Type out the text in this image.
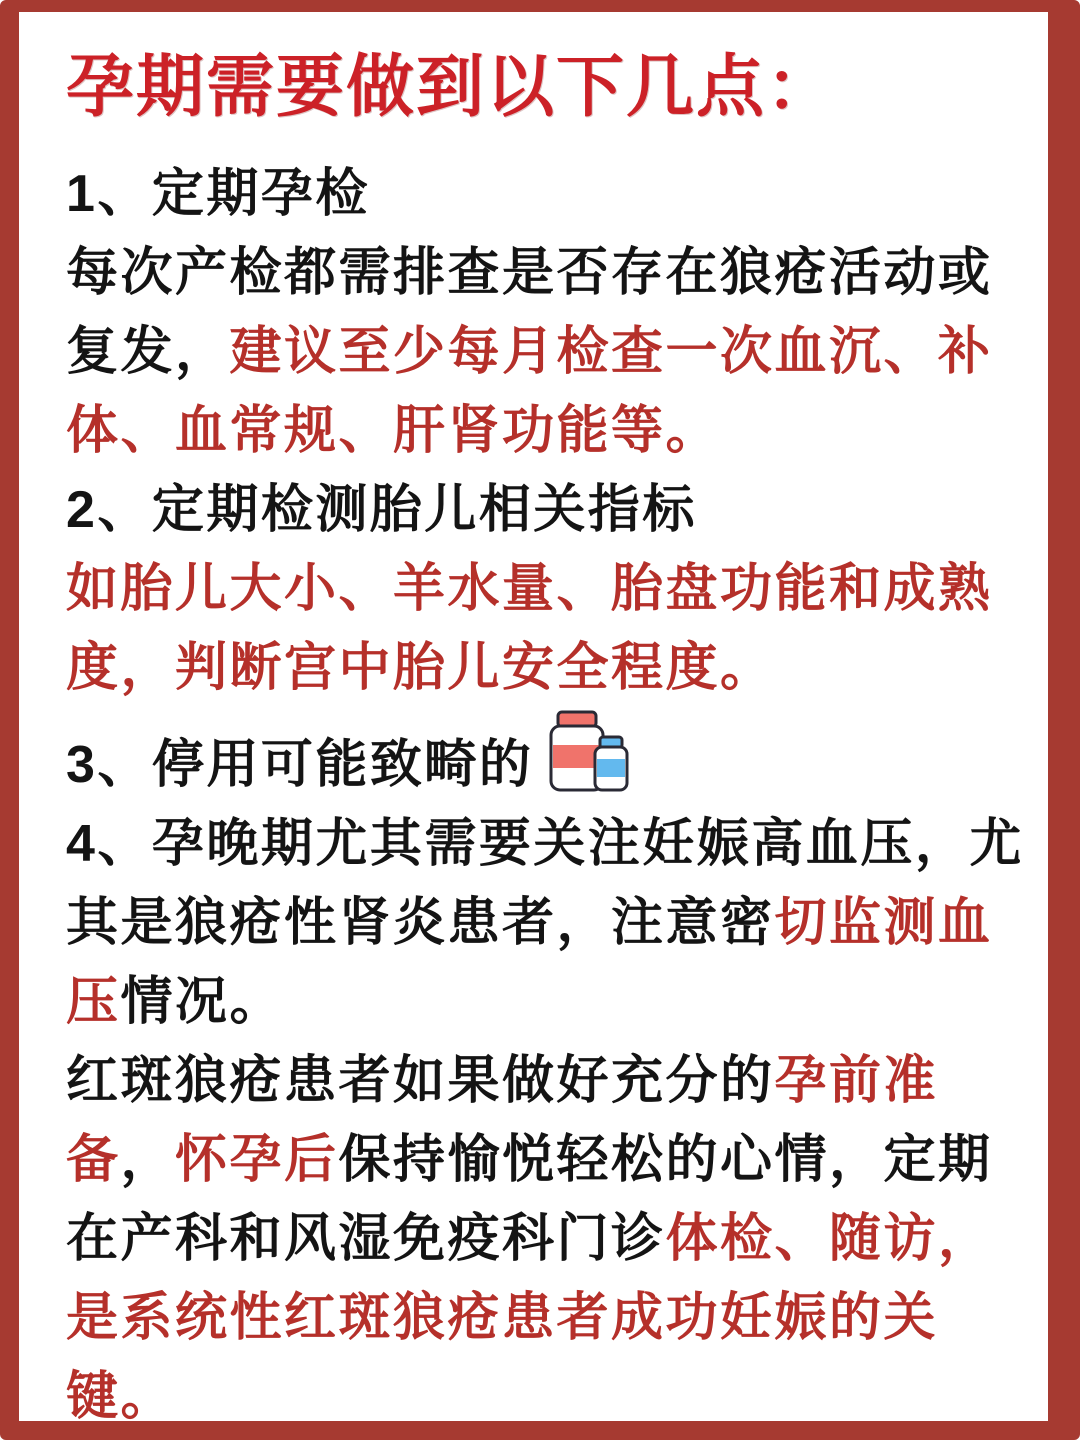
孕期需要做到以下几点：
1、定期孕检
每次产检都需排查是否存在狼疮活动或
复发，建议至少每月检查一次血沉、补
体、血常规、肝肾功能等。
2、定期检测胎儿相关指标
如胎儿大小、羊水量、胎盘功能和成熟
度，判断宫中胎儿安全程度。
3、停用可能致畸的
4、孕晚期尤其需要关注妊娠高血压，尤
其是狼疮性肾炎患者，注意密切监测血
压情况。
红斑狼疮患者如果做好充分的孕前准
备，怀孕后保持愉悦轻松的心情，定期
在产科和风湿免疫科门诊体检、随访，
是系统性红斑狼疮患者成功妊娠的关
键。
